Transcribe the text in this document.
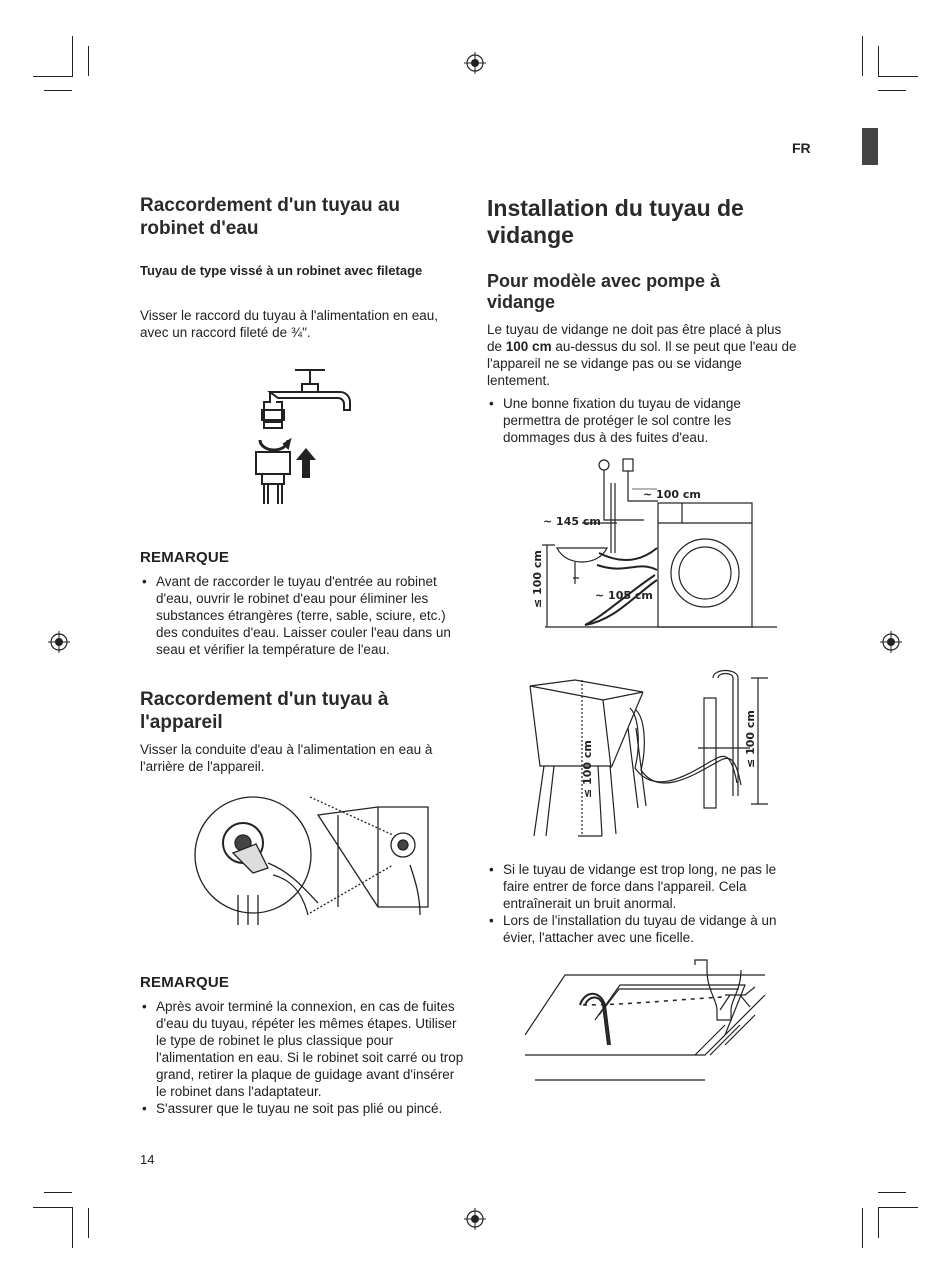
FR
Raccordement d'un tuyau au robinet d'eau
Tuyau de type vissé à un robinet avec filetage

Visser le raccord du tuyau à l'alimentation en eau, avec un raccord fileté de ¾".

REMARQUE
• Avant de raccorder le tuyau d'entrée au robinet d'eau, ouvrir le robinet d'eau pour éliminer les substances étrangères (terre, sable, sciure, etc.) des conduites d'eau. Laisser couler l'eau dans un seau et vérifier la température de l'eau.
Raccordement d'un tuyau à l'appareil

Visser la conduite d'eau à l'alimentation en eau à l'arrière de l'appareil.

REMARQUE
• Après avoir terminé la connexion, en cas de fuites d'eau du tuyau, répéter les mêmes étapes. Utiliser le type de robinet le plus classique pour l'alimentation en eau. Si le robinet soit carré ou trop grand, retirer la plaque de guidage avant d'insérer le robinet dans l'adaptateur.
• S'assurer que le tuyau ne soit pas plié ou pincé.
Installation du tuyau de vidange
Pour modèle avec pompe à vidange

Le tuyau de vidange ne doit pas être placé à plus de 100 cm au-dessus du sol. Il se peut que l'eau de l'appareil ne se vidange pas ou se vidange lentement.

• Une bonne fixation du tuyau de vidange permettra de protéger le sol contre les dommages dus à des fuites d'eau.
~ 100 cm
~ 145 cm
~ 105 cm
≤ 100 cm
≤ 100 cm
≤ 100 cm
• Si le tuyau de vidange est trop long, ne pas le faire entrer de force dans l'appareil. Cela entraînerait un bruit anormal.
• Lors de l'installation du tuyau de vidange à un évier, l'attacher avec une ficelle.
14
